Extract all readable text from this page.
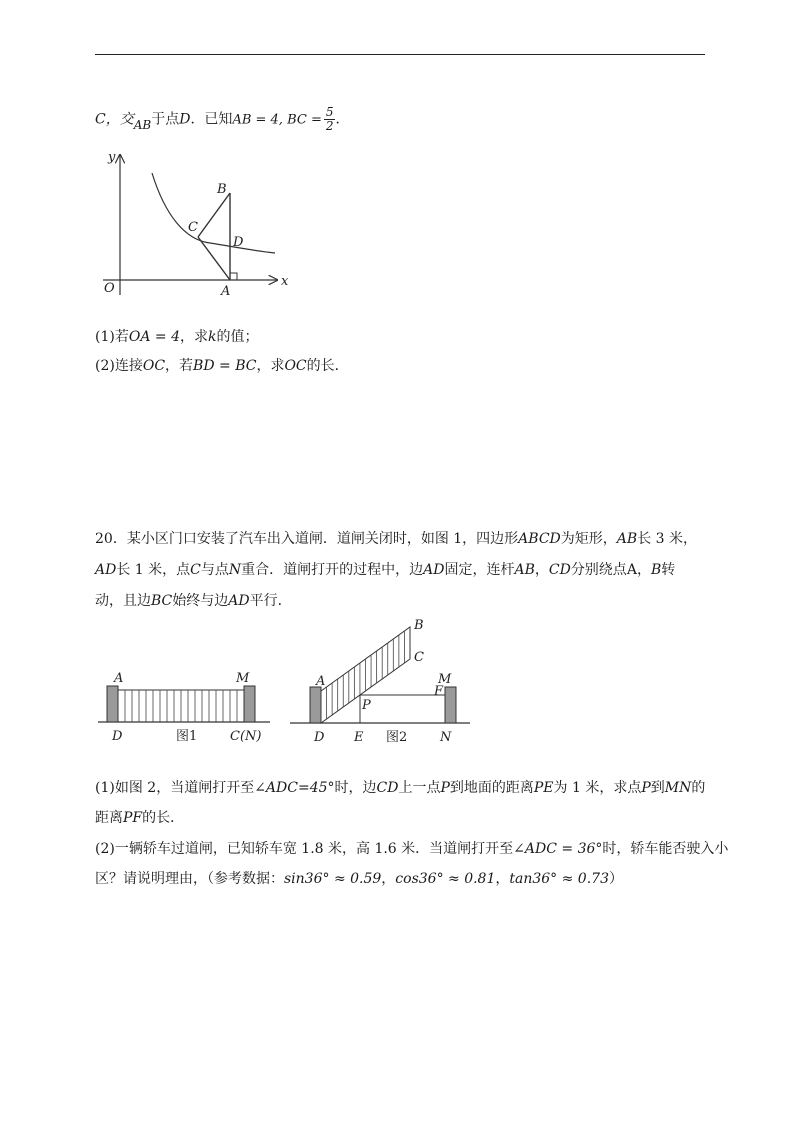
C，交AB于点D．已知AB = 4, BC = $\frac{5}{2}$ ．
y
x
O	A
B
C
D
(1)若OA = 4，求k的值；
(2)连接OC，若BD = BC，求OC的长．
20．某小区门口安装了汽车出入道闸．道闸关闭时，如图 1，四边形ABCD为矩形，AB长 3 米，
AD长 1 米，点C与点N重合．道闸打开的过程中，边AD固定，连杆AB，CD分别绕点A，B转
动，且边BC始终与边AD平行．
A	M
D	图1	C(N)
A
B
C
M
F
P
D E 图2	N
(1)如图 2，当道闸打开至∠ADC=45°时，边CD上一点P到地面的距离PE为 1 米，求点P到MN的
距离PF的长．
(2)一辆轿车过道闸，已知轿车宽 1.8 米，高 1.6 米．当道闸打开至∠ADC = 36°时，轿车能否驶入小
区？请说明理由，（参考数据：sin36° ≈ 0.59，cos36° ≈ 0.81，tan36° ≈ 0.73）
